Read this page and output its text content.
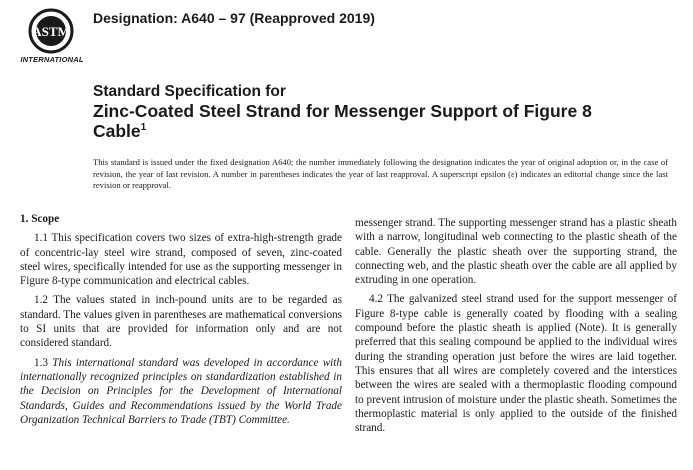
ASTM
INTERNATIONAL
Designation: A640 – 97 (Reapproved 2019)
Standard Specification for
Zinc-Coated Steel Strand for Messenger Support of Figure 8
Cable$^1$
This standard is issued under the fixed designation A640; the number immediately following the designation indicates the year of original adoption or, in the case of revision, the year of last revision. A number in parentheses indicates the year of last reapproval. A superscript epsilon (ε) indicates an editorial change since the last revision or reapproval.
1. Scope

1.1 This specification covers two sizes of extra-high-strength grade of concentric-lay steel wire strand, composed of seven, zinc-coated steel wires, specifically intended for use as the supporting messenger in Figure 8-type communication and electrical cables.

1.2 The values stated in inch-pound units are to be regarded as standard. The values given in parentheses are mathematical conversions to SI units that are provided for information only and are not considered standard.

1.3 This international standard was developed in accordance with internationally recognized principles on standardization established in the Decision on Principles for the Development of International Standards, Guides and Recommendations issued by the World Trade Organization Technical Barriers to Trade (TBT) Committee.

messenger strand. The supporting messenger strand has a plastic sheath with a narrow, longitudinal web connecting to the plastic sheath of the cable. Generally the plastic sheath over the supporting strand, the connecting web, and the plastic sheath over the cable are all applied by extruding in one operation.

4.2 The galvanized steel strand used for the support messenger of Figure 8-type cable is generally coated by flooding with a sealing compound before the plastic sheath is applied (Note). It is generally preferred that this sealing compound be applied to the individual wires during the stranding operation just before the wires are laid together. This ensures that all wires are completely covered and the interstices between the wires are sealed with a thermoplastic flooding compound to prevent intrusion of moisture under the plastic sheath. Sometimes the thermoplastic material is only applied to the outside of the finished strand.
